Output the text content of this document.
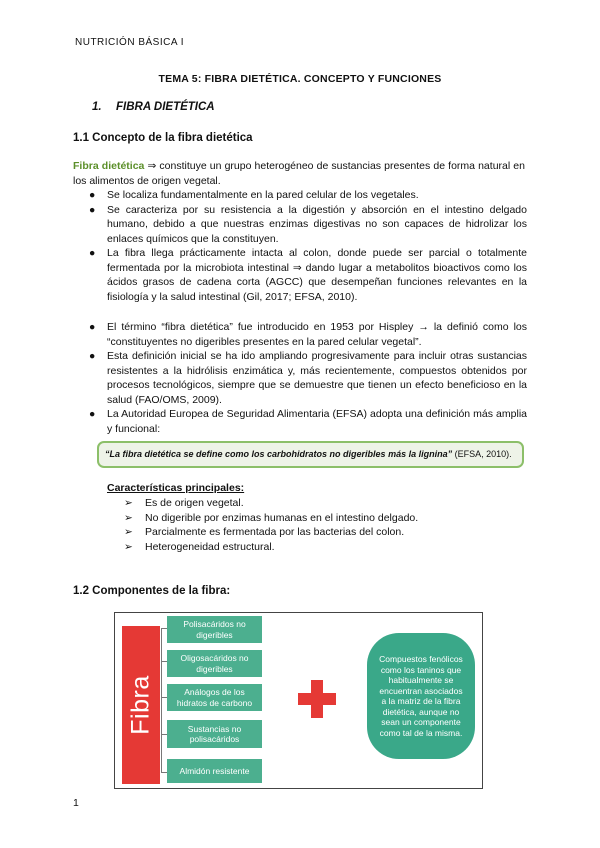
NUTRICIÓN BÁSICA I
TEMA 5: FIBRA DIETÉTICA. CONCEPTO Y FUNCIONES
1. FIBRA DIETÉTICA
1.1 Concepto de la fibra dietética
Fibra dietética ⇒ constituye un grupo heterogéneo de sustancias presentes de forma natural en los alimentos de origen vegetal.
● Se localiza fundamentalmente en la pared celular de los vegetales.
● Se caracteriza por su resistencia a la digestión y absorción en el intestino delgado humano, debido a que nuestras enzimas digestivas no son capaces de hidrolizar los enlaces químicos que la constituyen.
● La fibra llega prácticamente intacta al colon, donde puede ser parcial o totalmente fermentada por la microbiota intestinal ⇒ dando lugar a metabolitos bioactivos como los ácidos grasos de cadena corta (AGCC) que desempeñan funciones relevantes en la fisiología y la salud intestinal (Gil, 2017; EFSA, 2010).
● El término “fibra dietética” fue introducido en 1953 por Hispley → la definió como los “constituyentes no digeribles presentes en la pared celular vegetal”.
● Esta definición inicial se ha ido ampliando progresivamente para incluir otras sustancias resistentes a la hidrólisis enzimática y, más recientemente, compuestos obtenidos por procesos tecnológicos, siempre que se demuestre que tienen un efecto beneficioso en la salud (FAO/OMS, 2009).
● La Autoridad Europea de Seguridad Alimentaria (EFSA) adopta una definición más amplia y funcional:
“La fibra dietética se define como los carbohidratos no digeribles más la lignina” (EFSA, 2010).
Características principales:
➢ Es de origen vegetal.
➢ No digerible por enzimas humanas en el intestino delgado.
➢ Parcialmente es fermentada por las bacterias del colon.
➢ Heterogeneidad estructural.
1.2 Componentes de la fibra:
Fibra
Polisacáridos no digeribles
Oligosacáridos no digeribles
Análogos de los hidratos de carbono
Sustancias no polisacáridos
Almidón resistente
Compuestos fenólicos como los taninos que habitualmente se encuentran asociados a la matriz de la fibra dietética, aunque no sean un componente como tal de la misma.
1
